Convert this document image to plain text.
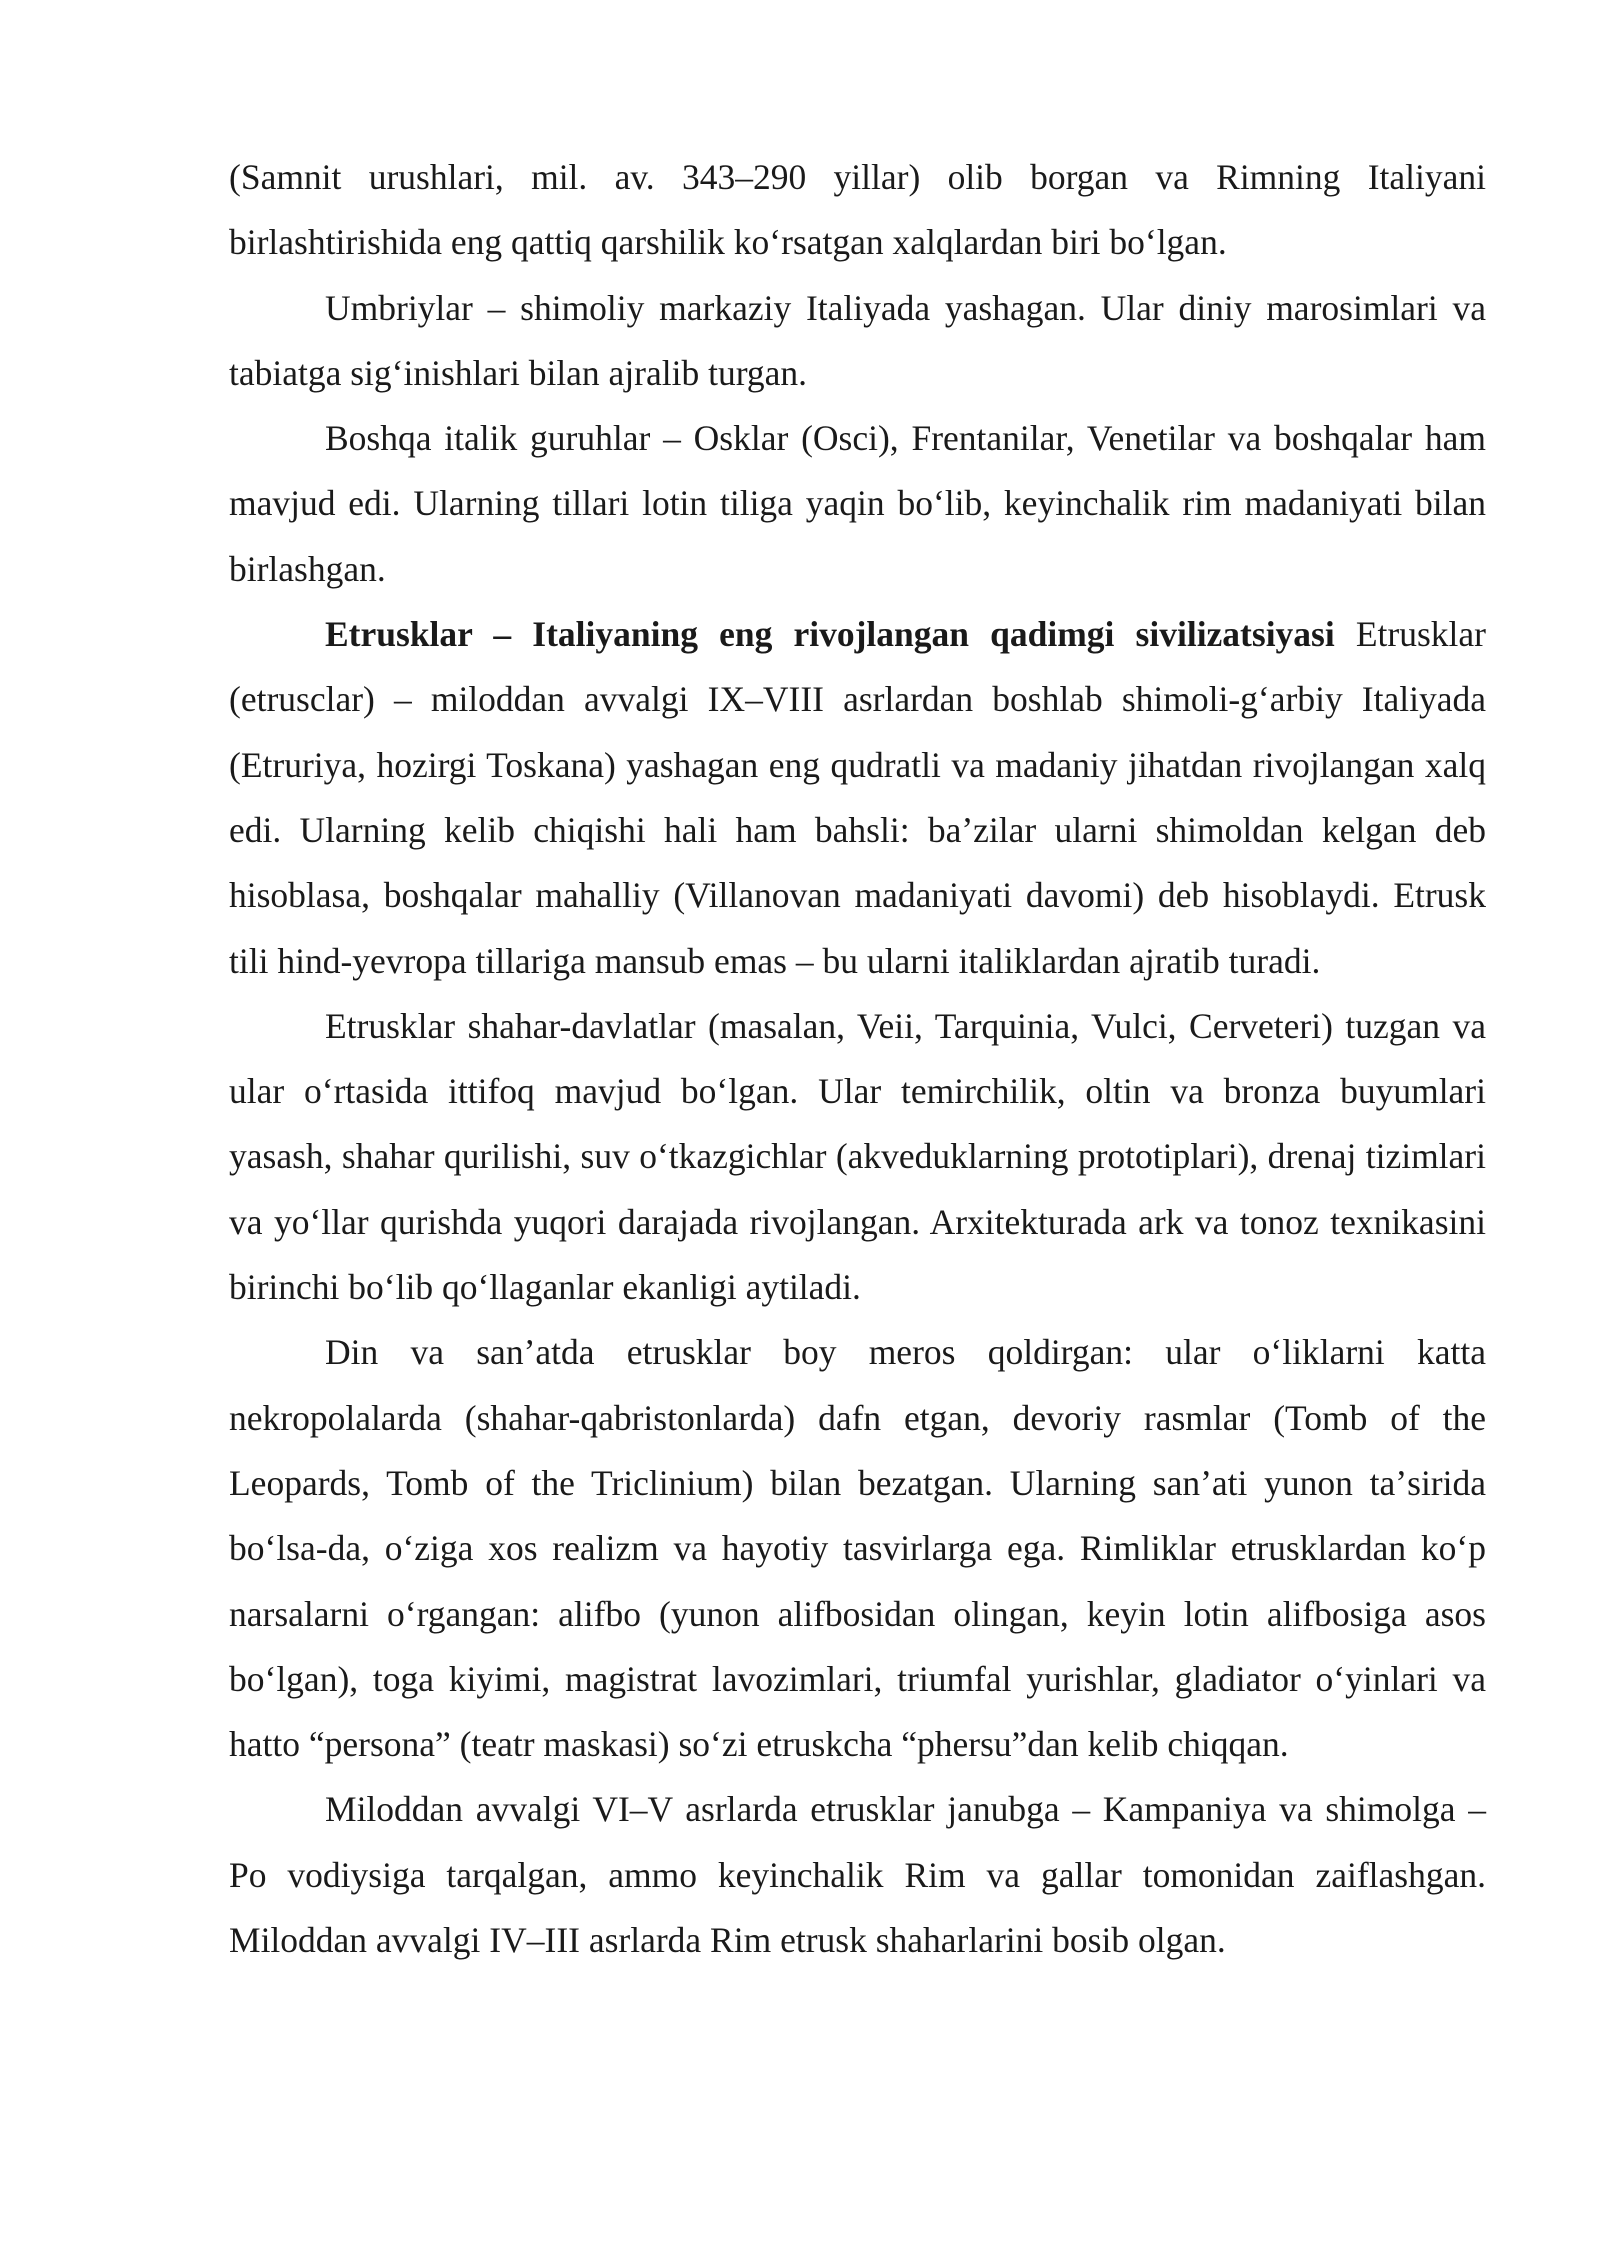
(Samnit urushlari, mil. av. 343–290 yillar) olib borgan va Rimning Italiyani birlashtirishida eng qattiq qarshilik koʻrsatgan xalqlardan biri boʻlgan.

Umbriylar – shimoliy markaziy Italiyada yashagan. Ular diniy marosimlari va tabiatga sigʻinishlari bilan ajralib turgan.

Boshqa italik guruhlar – Osklar (Osci), Frentanilar, Venetilar va boshqalar ham mavjud edi. Ularning tillari lotin tiliga yaqin boʻlib, keyinchalik rim madaniyati bilan birlashgan.

Etrusklar – Italiyaning eng rivojlangan qadimgi sivilizatsiyasi Etrusklar (etrusclar) – miloddan avvalgi IX–VIII asrlardan boshlab shimoli-gʻarbiy Italiyada (Etruriya, hozirgi Toskana) yashagan eng qudratli va madaniy jihatdan rivojlangan xalq edi. Ularning kelib chiqishi hali ham bahsli: baʼzilar ularni shimoldan kelgan deb hisoblasa, boshqalar mahalliy (Villanovan madaniyati davomi) deb hisoblaydi. Etrusk tili hind-yevropa tillariga mansub emas – bu ularni italiklardan ajratib turadi.

Etrusklar shahar-davlatlar (masalan, Veii, Tarquinia, Vulci, Cerveteri) tuzgan va ular oʻrtasida ittifoq mavjud boʻlgan. Ular temirchilik, oltin va bronza buyumlari yasash, shahar qurilishi, suv oʻtkazgichlar (akveduklarning prototiplari), drenaj tizimlari va yoʻllar qurishda yuqori darajada rivojlangan. Arxitekturada ark va tonoz texnikasini birinchi boʻlib qoʻllaganlar ekanligi aytiladi.

Din va sanʼatda etrusklar boy meros qoldirgan: ular oʻliklarni katta nekropolalarda (shahar-qabristonlarda) dafn etgan, devoriy rasmlar (Tomb of the Leopards, Tomb of the Triclinium) bilan bezatgan. Ularning sanʼati yunon taʼsirida boʻlsa-da, oʻziga xos realizm va hayotiy tasvirlarga ega. Rimliklar etrusklardan koʻp narsalarni oʻrgangan: alifbo (yunon alifbosidan olingan, keyin lotin alifbosiga asos boʻlgan), toga kiyimi, magistrat lavozimlari, triumfal yurishlar, gladiator oʻyinlari va hatto “persona” (teatr maskasi) soʻzi etruskcha “phersu”dan kelib chiqqan.

Miloddan avvalgi VI–V asrlarda etrusklar janubga – Kampaniya va shimolga – Po vodiysiga tarqalgan, ammo keyinchalik Rim va gallar tomonidan zaiflashgan. Miloddan avvalgi IV–III asrlarda Rim etrusk shaharlarini bosib olgan.
